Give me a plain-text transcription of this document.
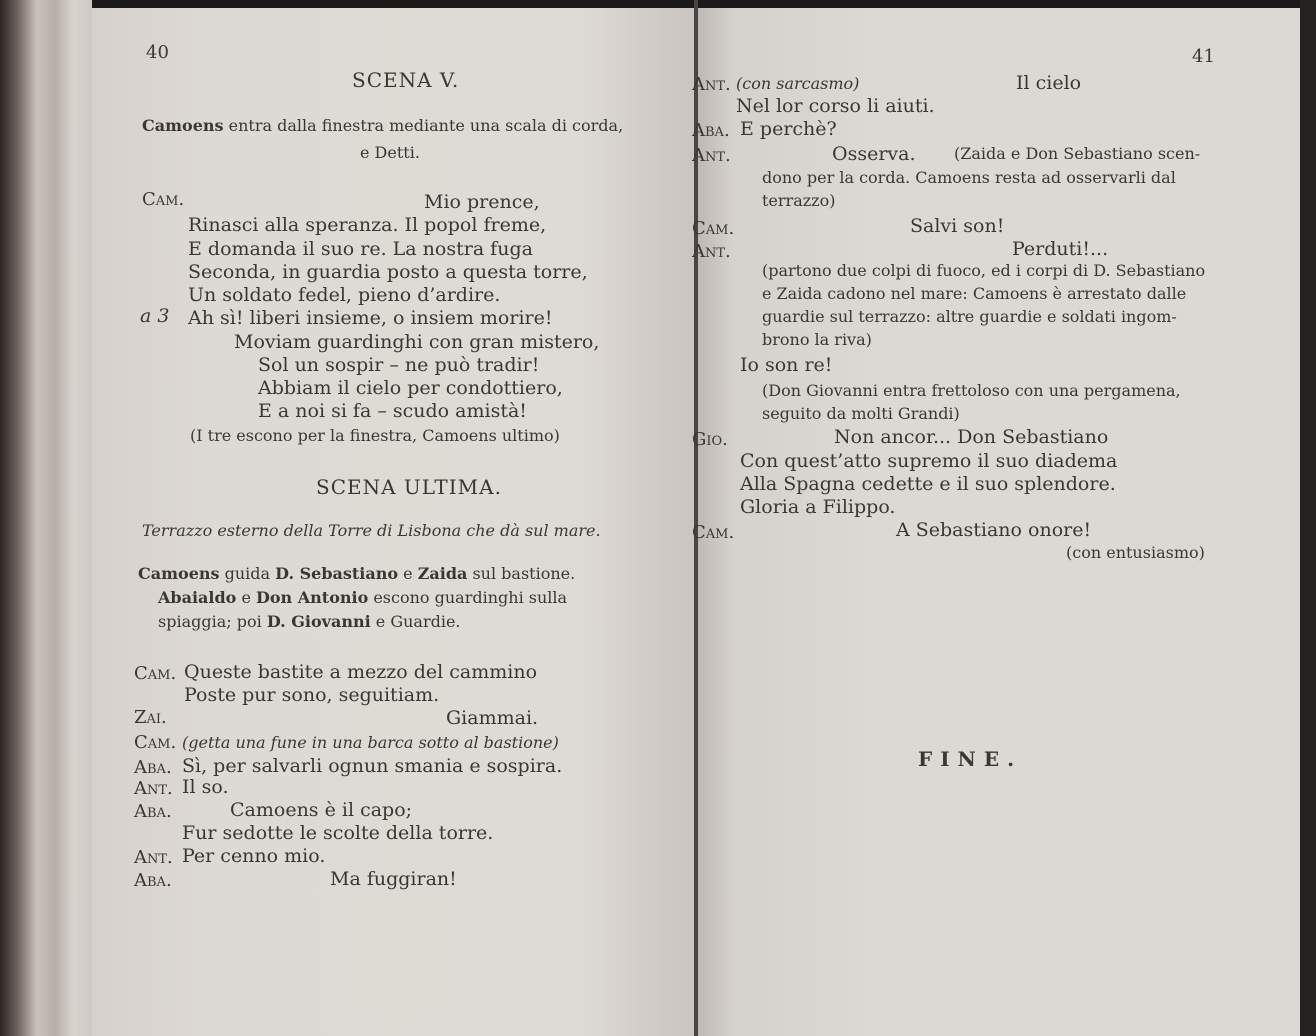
40
SCENA V.
Camoens entra dalla finestra mediante una scala di corda,
e Detti.
Cam.	Mio prence,
Rinasci alla speranza. Il popol freme,
E domanda il suo re. La nostra fuga
Seconda, in guardia posto a questa torre,
Un soldato fedel, pieno d’ardire.
a 3 Ah sì! liberi insieme, o insiem morire!
Moviam guardinghi con gran mistero,
Sol un sospir – ne può tradir!
Abbiam il cielo per condottiero,
E a noi si fa – scudo amistà!
(I tre escono per la finestra, Camoens ultimo)
SCENA ULTIMA.
Terrazzo esterno della Torre di Lisbona che dà sul mare.
Camoens guida D. Sebastiano e Zaida sul bastione.
Abaialdo e Don Antonio escono guardinghi sulla
spiaggia; poi D. Giovanni e Guardie.
Cam. Queste bastite a mezzo del cammino
Poste pur sono, seguitiam.
Zai.	Giammai.
Cam. (getta una fune in una barca sotto al bastione)
Aba. Sì, per salvarli ognun smania e sospira.
Ant. Il so.
Aba.	Camoens è il capo;
Fur sedotte le scolte della torre.
Ant. Per cenno mio.
Aba.	Ma fuggiran!
41
Ant. (con sarcasmo)	Il cielo
Nel lor corso li aiuti.
Aba. E perchè?
Ant.	Osserva. (Zaida e Don Sebastiano scen-
dono per la corda. Camoens resta ad osservarli dal
terrazzo)
Cam.	Salvi son!
Ant.	Perduti!...
(partono due colpi di fuoco, ed i corpi di D. Sebastiano
e Zaida cadono nel mare: Camoens è arrestato dalle
guardie sul terrazzo: altre guardie e soldati ingom-
brono la riva)
Io son re!
(Don Giovanni entra frettoloso con una pergamena,
seguito da molti Grandi)
Gio.	Non ancor... Don Sebastiano
Con quest’atto supremo il suo diadema
Alla Spagna cedette e il suo splendore.
Gloria a Filippo.
Cam.	A Sebastiano onore!
(con entusiasmo)
FINE.
